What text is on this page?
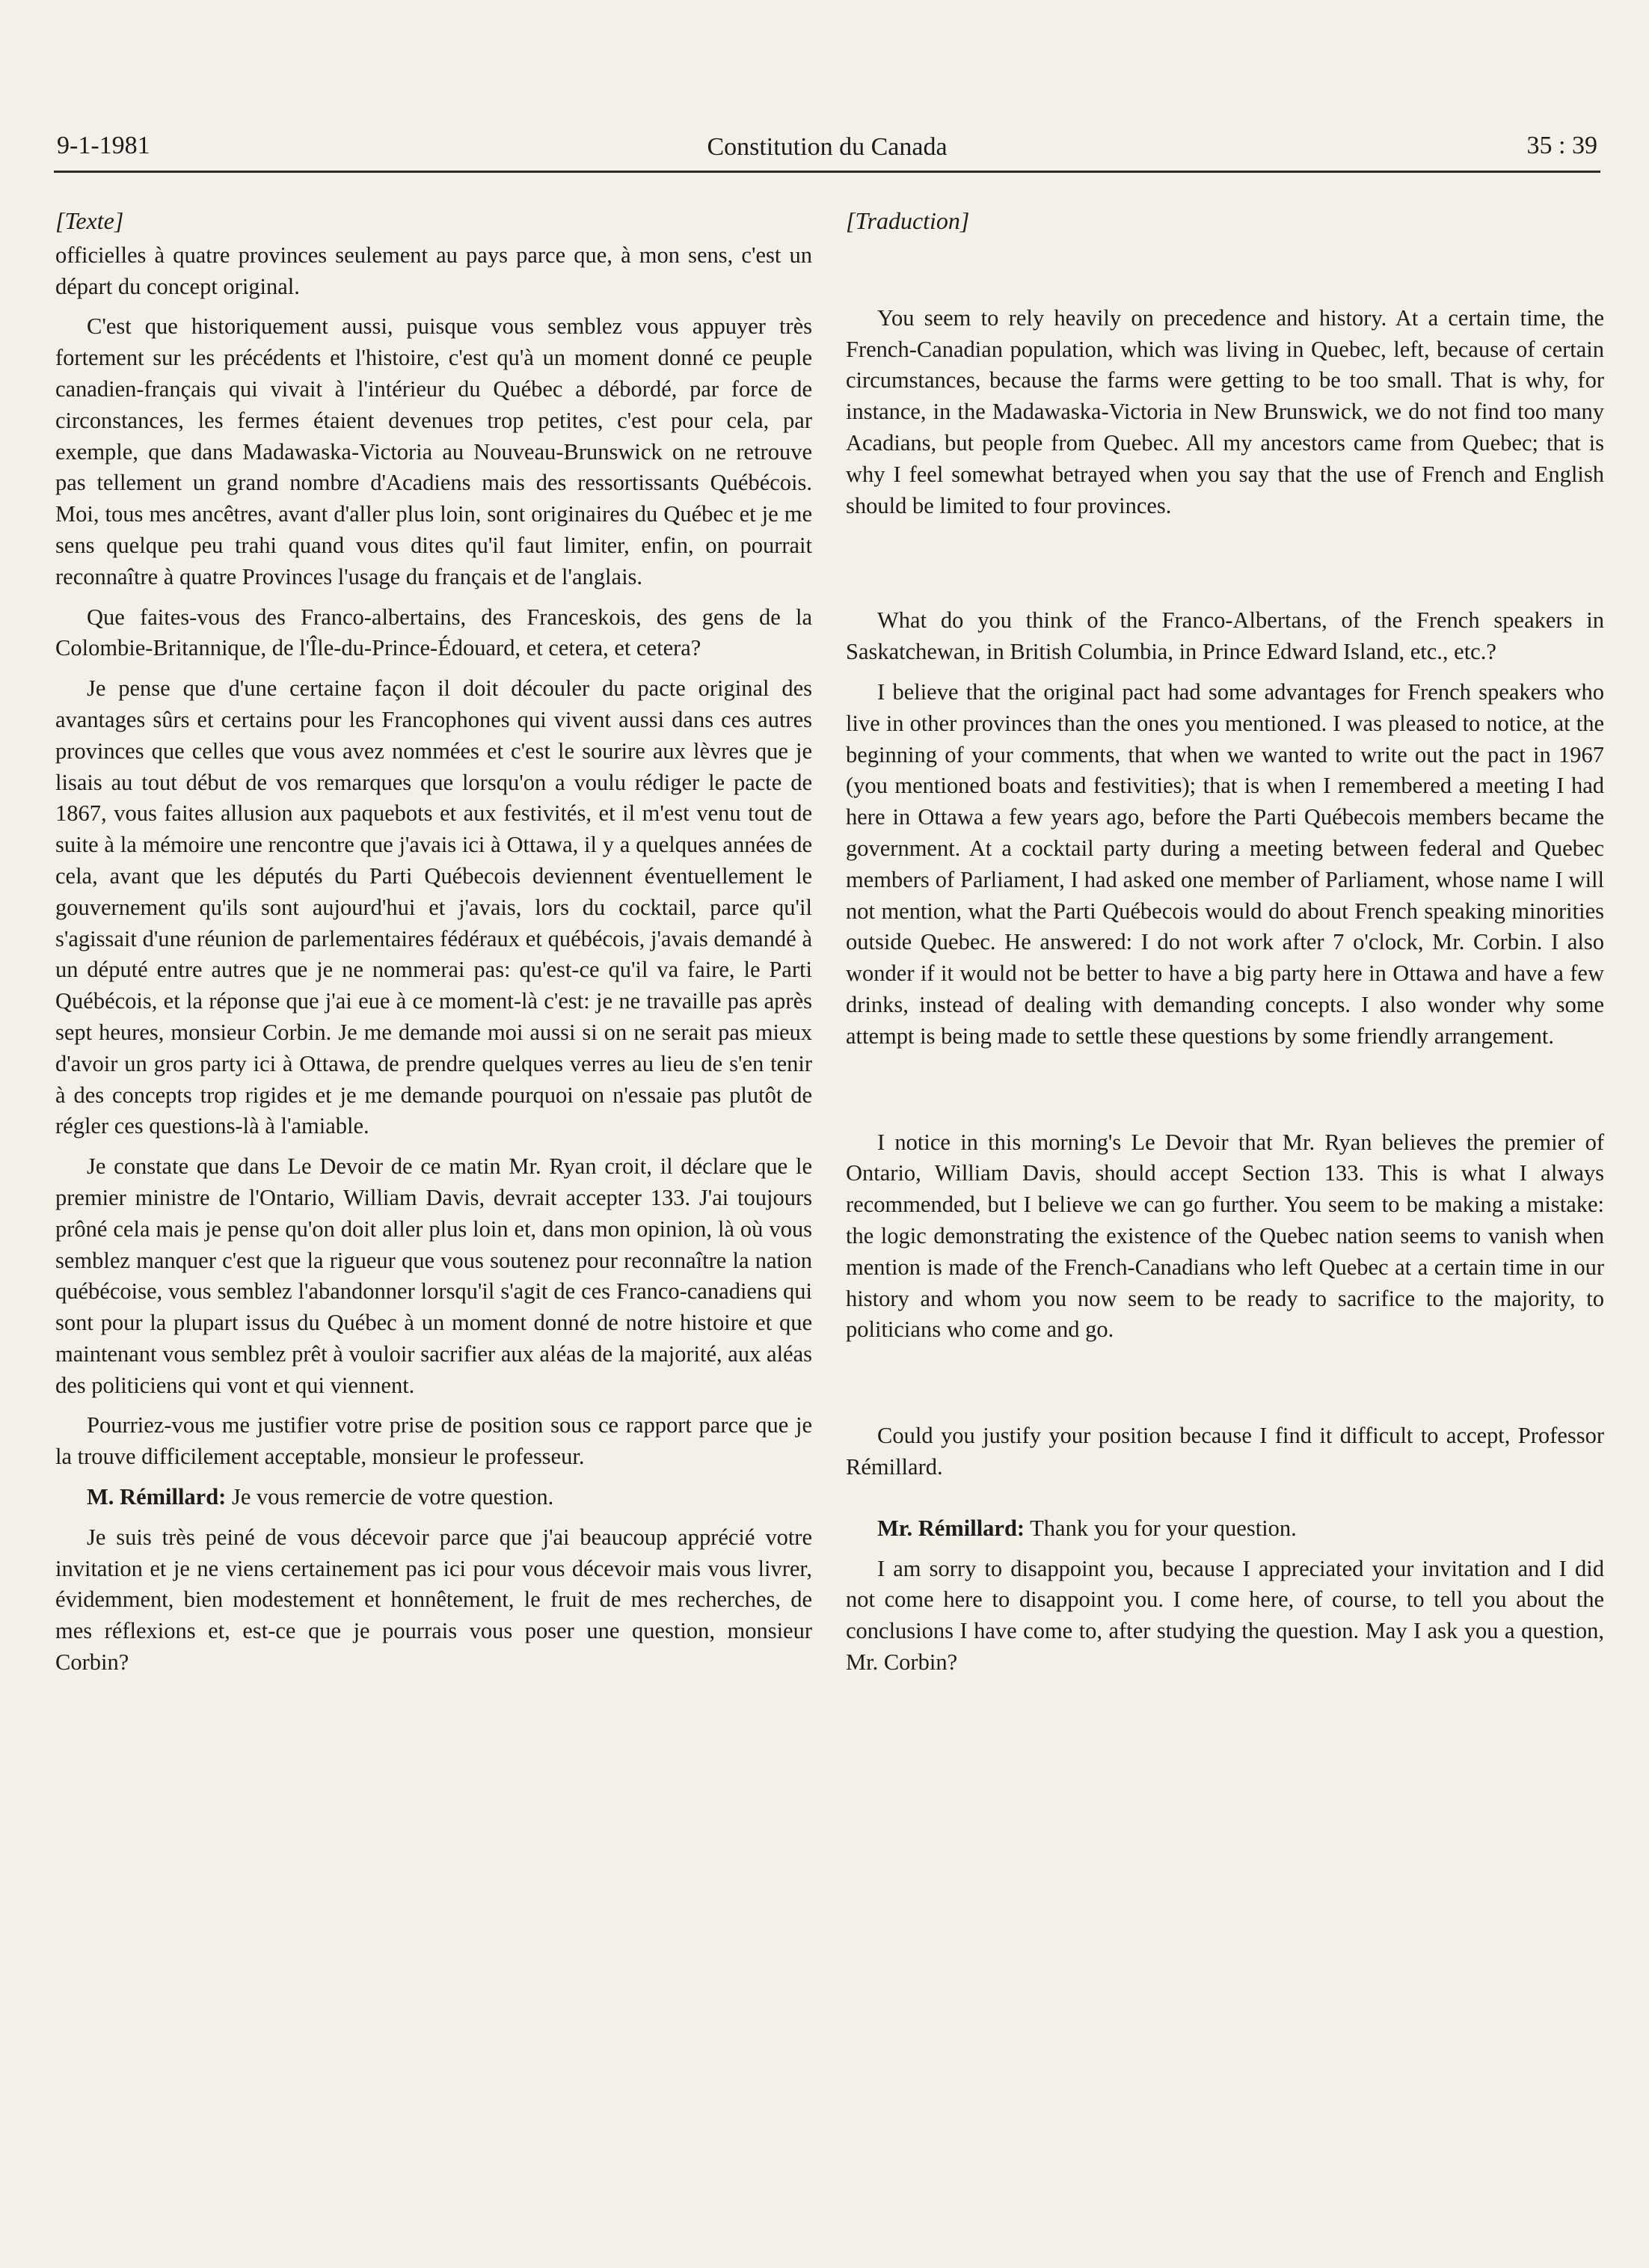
9-1-1981	Constitution du Canada	35 : 39
[Texte]

officielles à quatre provinces seulement au pays parce que, à mon sens, c'est un départ du concept original.

C'est que historiquement aussi, puisque vous semblez vous appuyer très fortement sur les précédents et l'histoire, c'est qu'à un moment donné ce peuple canadien-français qui vivait à l'intérieur du Québec a débordé, par force de circonstances, les fermes étaient devenues trop petites, c'est pour cela, par exemple, que dans Madawaska-Victoria au Nouveau-Brunswick on ne retrouve pas tellement un grand nombre d'Acadiens mais des ressortissants Québécois. Moi, tous mes ancêtres, avant d'aller plus loin, sont originaires du Québec et je me sens quelque peu trahi quand vous dites qu'il faut limiter, enfin, on pourrait reconnaître à quatre Provinces l'usage du français et de l'anglais.

Que faites-vous des Franco-albertains, des Franceskois, des gens de la Colombie-Britannique, de l'Île-du-Prince-Édouard, et cetera, et cetera?

Je pense que d'une certaine façon il doit découler du pacte original des avantages sûrs et certains pour les Francophones qui vivent aussi dans ces autres provinces que celles que vous avez nommées et c'est le sourire aux lèvres que je lisais au tout début de vos remarques que lorsqu'on a voulu rédiger le pacte de 1867, vous faites allusion aux paquebots et aux festivités, et il m'est venu tout de suite à la mémoire une rencontre que j'avais ici à Ottawa, il y a quelques années de cela, avant que les députés du Parti Québecois deviennent éventuellement le gouvernement qu'ils sont aujourd'hui et j'avais, lors du cocktail, parce qu'il s'agissait d'une réunion de parlementaires fédéraux et québécois, j'avais demandé à un député entre autres que je ne nommerai pas: qu'est-ce qu'il va faire, le Parti Québécois, et la réponse que j'ai eue à ce moment-là c'est: je ne travaille pas après sept heures, monsieur Corbin. Je me demande moi aussi si on ne serait pas mieux d'avoir un gros party ici à Ottawa, de prendre quelques verres au lieu de s'en tenir à des concepts trop rigides et je me demande pourquoi on n'essaie pas plutôt de régler ces questions-là à l'amiable.

Je constate que dans Le Devoir de ce matin Mr. Ryan croit, il déclare que le premier ministre de l'Ontario, William Davis, devrait accepter 133. J'ai toujours prôné cela mais je pense qu'on doit aller plus loin et, dans mon opinion, là où vous semblez manquer c'est que la rigueur que vous soutenez pour reconnaître la nation québécoise, vous semblez l'abandonner lorsqu'il s'agit de ces Franco-canadiens qui sont pour la plupart issus du Québec à un moment donné de notre histoire et que maintenant vous semblez prêt à vouloir sacrifier aux aléas de la majorité, aux aléas des politiciens qui vont et qui viennent.

Pourriez-vous me justifier votre prise de position sous ce rapport parce que je la trouve difficilement acceptable, monsieur le professeur.

M. Rémillard: Je vous remercie de votre question.

Je suis très peiné de vous décevoir parce que j'ai beaucoup apprécié votre invitation et je ne viens certainement pas ici pour vous décevoir mais vous livrer, évidemment, bien modestement et honnêtement, le fruit de mes recherches, de mes réflexions et, est-ce que je pourrais vous poser une question, monsieur Corbin?

[Traduction]

You seem to rely heavily on precedence and history. At a certain time, the French-Canadian population, which was living in Quebec, left, because of certain circumstances, because the farms were getting to be too small. That is why, for instance, in the Madawaska-Victoria in New Brunswick, we do not find too many Acadians, but people from Quebec. All my ancestors came from Quebec; that is why I feel somewhat betrayed when you say that the use of French and English should be limited to four provinces.

What do you think of the Franco-Albertans, of the French speakers in Saskatchewan, in British Columbia, in Prince Edward Island, etc., etc.?

I believe that the original pact had some advantages for French speakers who live in other provinces than the ones you mentioned. I was pleased to notice, at the beginning of your comments, that when we wanted to write out the pact in 1967 (you mentioned boats and festivities); that is when I remembered a meeting I had here in Ottawa a few years ago, before the Parti Québecois members became the government. At a cocktail party during a meeting between federal and Quebec members of Parliament, I had asked one member of Parliament, whose name I will not mention, what the Parti Québecois would do about French speaking minorities outside Quebec. He answered: I do not work after 7 o'clock, Mr. Corbin. I also wonder if it would not be better to have a big party here in Ottawa and have a few drinks, instead of dealing with demanding concepts. I also wonder why some attempt is being made to settle these questions by some friendly arrangement.

I notice in this morning's Le Devoir that Mr. Ryan believes the premier of Ontario, William Davis, should accept Section 133. This is what I always recommended, but I believe we can go further. You seem to be making a mistake: the logic demonstrating the existence of the Quebec nation seems to vanish when mention is made of the French-Canadians who left Quebec at a certain time in our history and whom you now seem to be ready to sacrifice to the majority, to politicians who come and go.

Could you justify your position because I find it difficult to accept, Professor Rémillard.

Mr. Rémillard: Thank you for your question.

I am sorry to disappoint you, because I appreciated your invitation and I did not come here to disappoint you. I come here, of course, to tell you about the conclusions I have come to, after studying the question. May I ask you a question, Mr. Corbin?
